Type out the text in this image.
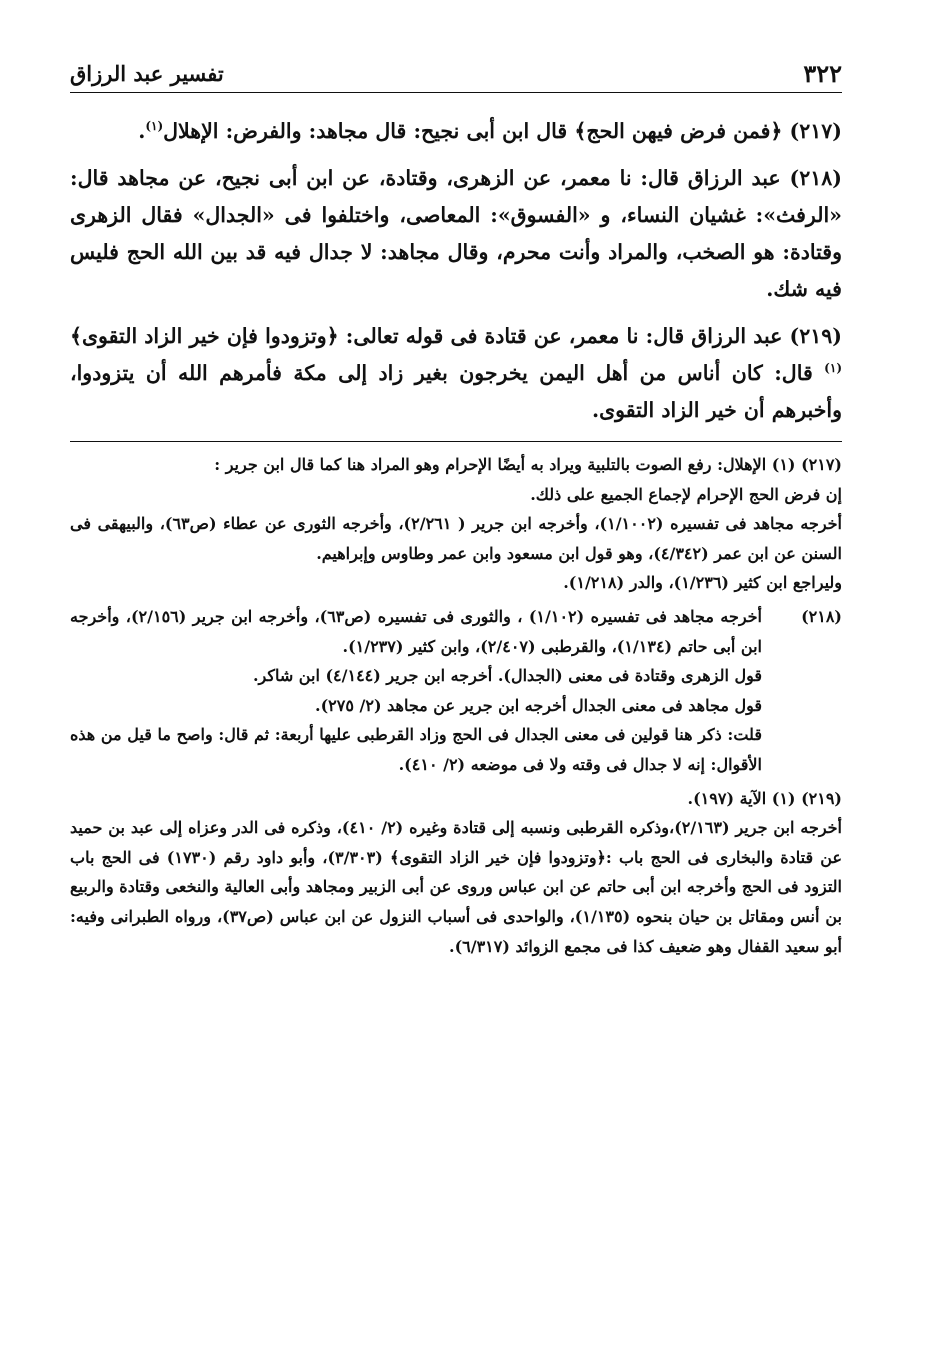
٣٢٢
تفسير عبد الرزاق

(٢١٧) ﴿فمن فرض فيهن الحج﴾ قال ابن أبى نجيح: قال مجاهد: والفرض: الإهلال$^{(١)}$.

(٢١٨) عبد الرزاق قال: نا معمر، عن الزهرى، وقتادة، عن ابن أبى نجيح، عن مجاهد قال: «الرفث»: غشيان النساء، و «الفسوق»: المعاصى، واختلفوا فى «الجدال» فقال الزهرى وقتادة: هو الصخب، والمراد وأنت محرم، وقال مجاهد: لا جدال فيه قد بين الله الحج فليس فيه شك.

(٢١٩) عبد الرزاق قال: نا معمر، عن قتادة فى قوله تعالى: ﴿وتزودوا فإن خير الزاد التقوى﴾$^{(١)}$ قال: كان أناس من أهل اليمن يخرجون بغير زاد إلى مكة فأمرهم الله أن يتزودوا، وأخبرهم أن خير الزاد التقوى.

(٢١٧) (١) الإهلال: رفع الصوت بالتلبية ويراد به أيضًا الإحرام وهو المراد هنا كما قال ابن جرير :
إن فرض الحج الإحرام لإجماع الجميع على ذلك.
أخرجه مجاهد فى تفسيره (١/١٠٠٢)، وأخرجه ابن جرير ( ٢/٢٦١)، وأخرجه الثورى عن عطاء (ص٦٣)، والبيهقى فى السنن عن ابن عمر (٤/٣٤٢)، وهو قول ابن مسعود وابن عمر وطاوس وإبراهيم.
وليراجع ابن كثير (١/٢٣٦)، والدر (١/٢١٨).
(٢١٨)
أخرجه مجاهد فى تفسيره (١/١٠٢) ، والثورى فى تفسيره (ص٦٣)، وأخرجه ابن جرير (٢/١٥٦)، وأخرجه ابن أبى حاتم (١/١٣٤)، والقرطبى (٢/٤٠٧)، وابن كثير (١/٢٣٧).
قول الزهرى وقتادة فى معنى (الجدال). أخرجه ابن جرير (٤/١٤٤) ابن شاكر.
قول مجاهد فى معنى الجدال أخرجه ابن جرير عن مجاهد (٢/ ٢٧٥).
قلت: ذكر هنا قولين فى معنى الجدال فى الحج وزاد القرطبى عليها أربعة: ثم قال: واصح ما قيل من هذه الأقوال: إنه لا جدال فى وقته ولا فى موضعه (٢/ ٤١٠).
(٢١٩) (١) الآية (١٩٧).
أخرجه ابن جرير (٢/١٦٣)،وذكره القرطبى ونسبه إلى قتادة وغيره (٢/ ٤١٠)، وذكره فى الدر وعزاه إلى عبد بن حميد عن قتادة والبخارى فى الحج باب :﴿وتزودوا فإن خير الزاد التقوى﴾ (٣/٣٠٣)، وأبو داود رقم (١٧٣٠) فى الحج باب التزود فى الحج وأخرجه ابن أبى حاتم عن ابن عباس وروى عن أبى الزبير ومجاهد وأبى العالية والنخعى وقتادة والربيع بن أنس ومقاتل بن حيان بنحوه (١/١٣٥)، والواحدى فى أسباب النزول عن ابن عباس (ص٣٧)، ورواه الطبرانى وفيه: أبو سعيد القفال وهو ضعيف كذا فى مجمع الزوائد (٦/٣١٧).
